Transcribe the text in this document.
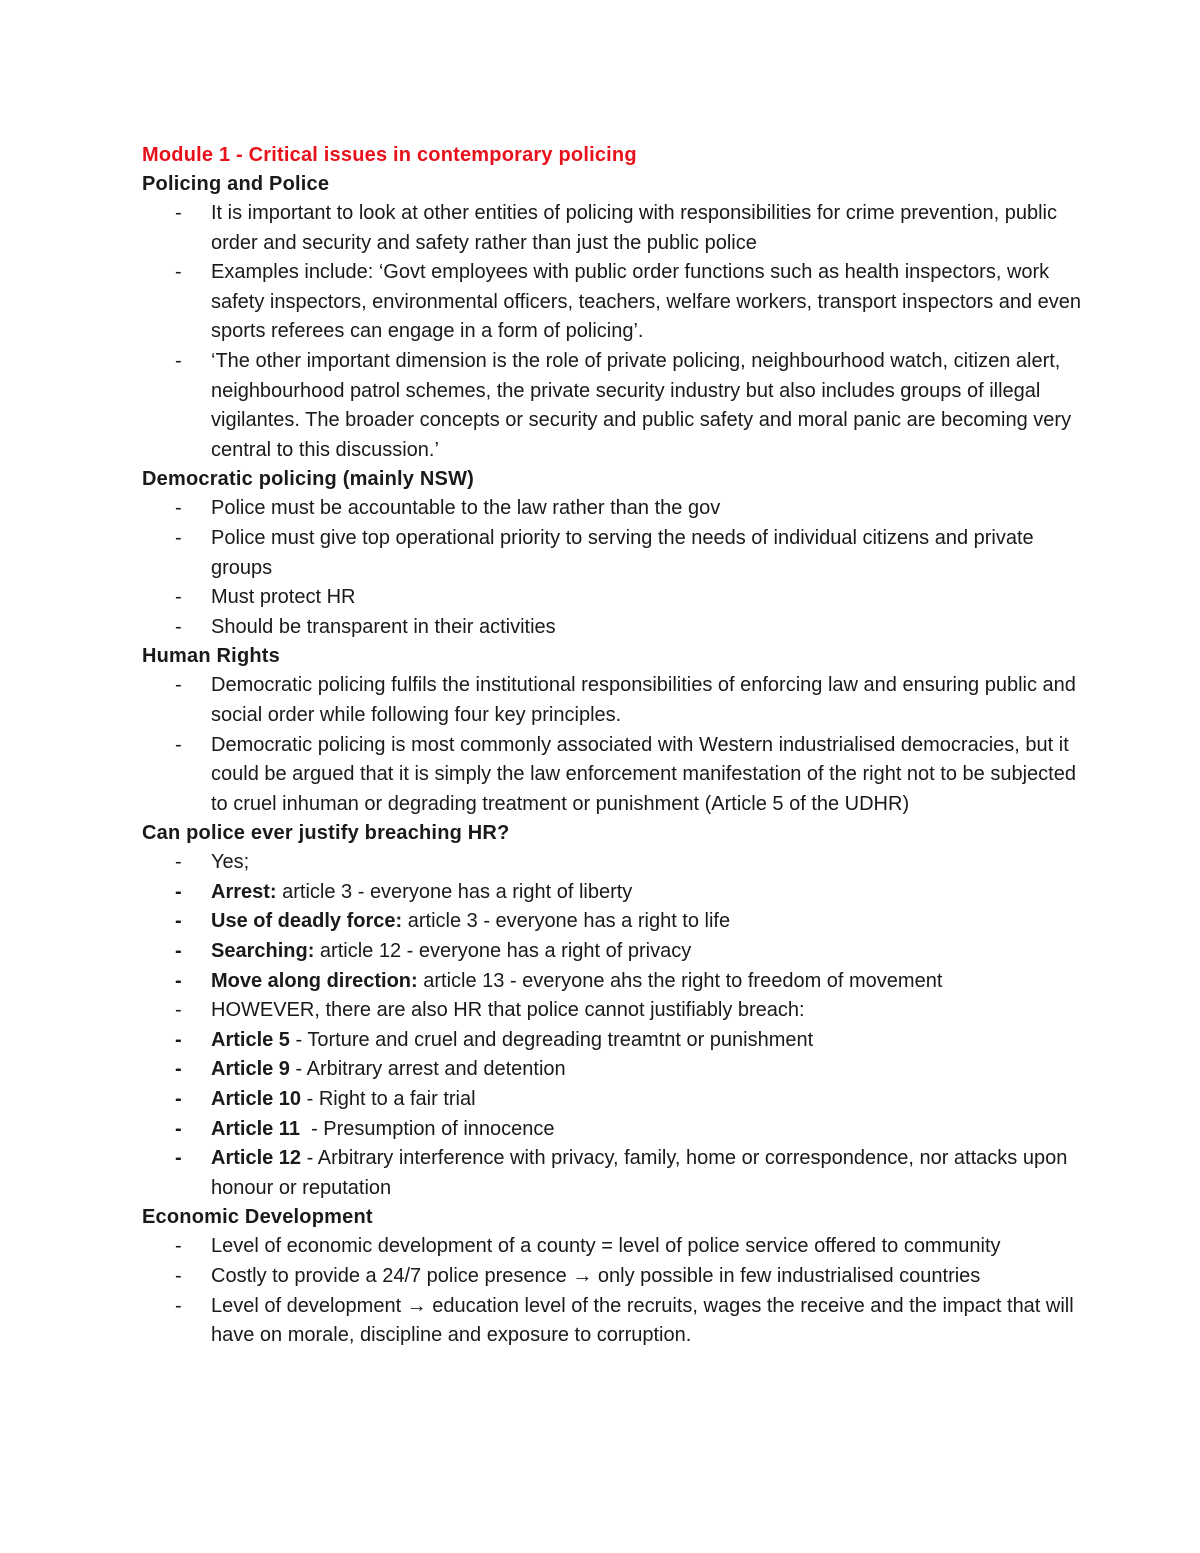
Module 1 - Critical issues in contemporary policing
Policing and Police
- It is important to look at other entities of policing with responsibilities for crime prevention, public order and security and safety rather than just the public police
- Examples include: ‘Govt employees with public order functions such as health inspectors, work safety inspectors, environmental officers, teachers, welfare workers, transport inspectors and even sports referees can engage in a form of policing’.
- ‘The other important dimension is the role of private policing, neighbourhood watch, citizen alert, neighbourhood patrol schemes, the private security industry but also includes groups of illegal vigilantes. The broader concepts or security and public safety and moral panic are becoming very central to this discussion.’
Democratic policing (mainly NSW)
- Police must be accountable to the law rather than the gov
- Police must give top operational priority to serving the needs of individual citizens and private groups
- Must protect HR
- Should be transparent in their activities
Human Rights
- Democratic policing fulfils the institutional responsibilities of enforcing law and ensuring public and social order while following four key principles.
- Democratic policing is most commonly associated with Western industrialised democracies, but it could be argued that it is simply the law enforcement manifestation of the right not to be subjected to cruel inhuman or degrading treatment or punishment (Article 5 of the UDHR)
Can police ever justify breaching HR?
- Yes;
- Arrest: article 3 - everyone has a right of liberty
- Use of deadly force: article 3 - everyone has a right to life
- Searching: article 12 - everyone has a right of privacy
- Move along direction: article 13 - everyone ahs the right to freedom of movement
- HOWEVER, there are also HR that police cannot justifiably breach:
- Article 5 - Torture and cruel and degreading treamtnt or punishment
- Article 9 - Arbitrary arrest and detention
- Article 10 - Right to a fair trial
- Article 11  - Presumption of innocence
- Article 12 - Arbitrary interference with privacy, family, home or correspondence, nor attacks upon honour or reputation
Economic Development
- Level of economic development of a county = level of police service offered to community
- Costly to provide a 24/7 police presence → only possible in few industrialised countries
- Level of development → education level of the recruits, wages the receive and the impact that will have on morale, discipline and exposure to corruption.
